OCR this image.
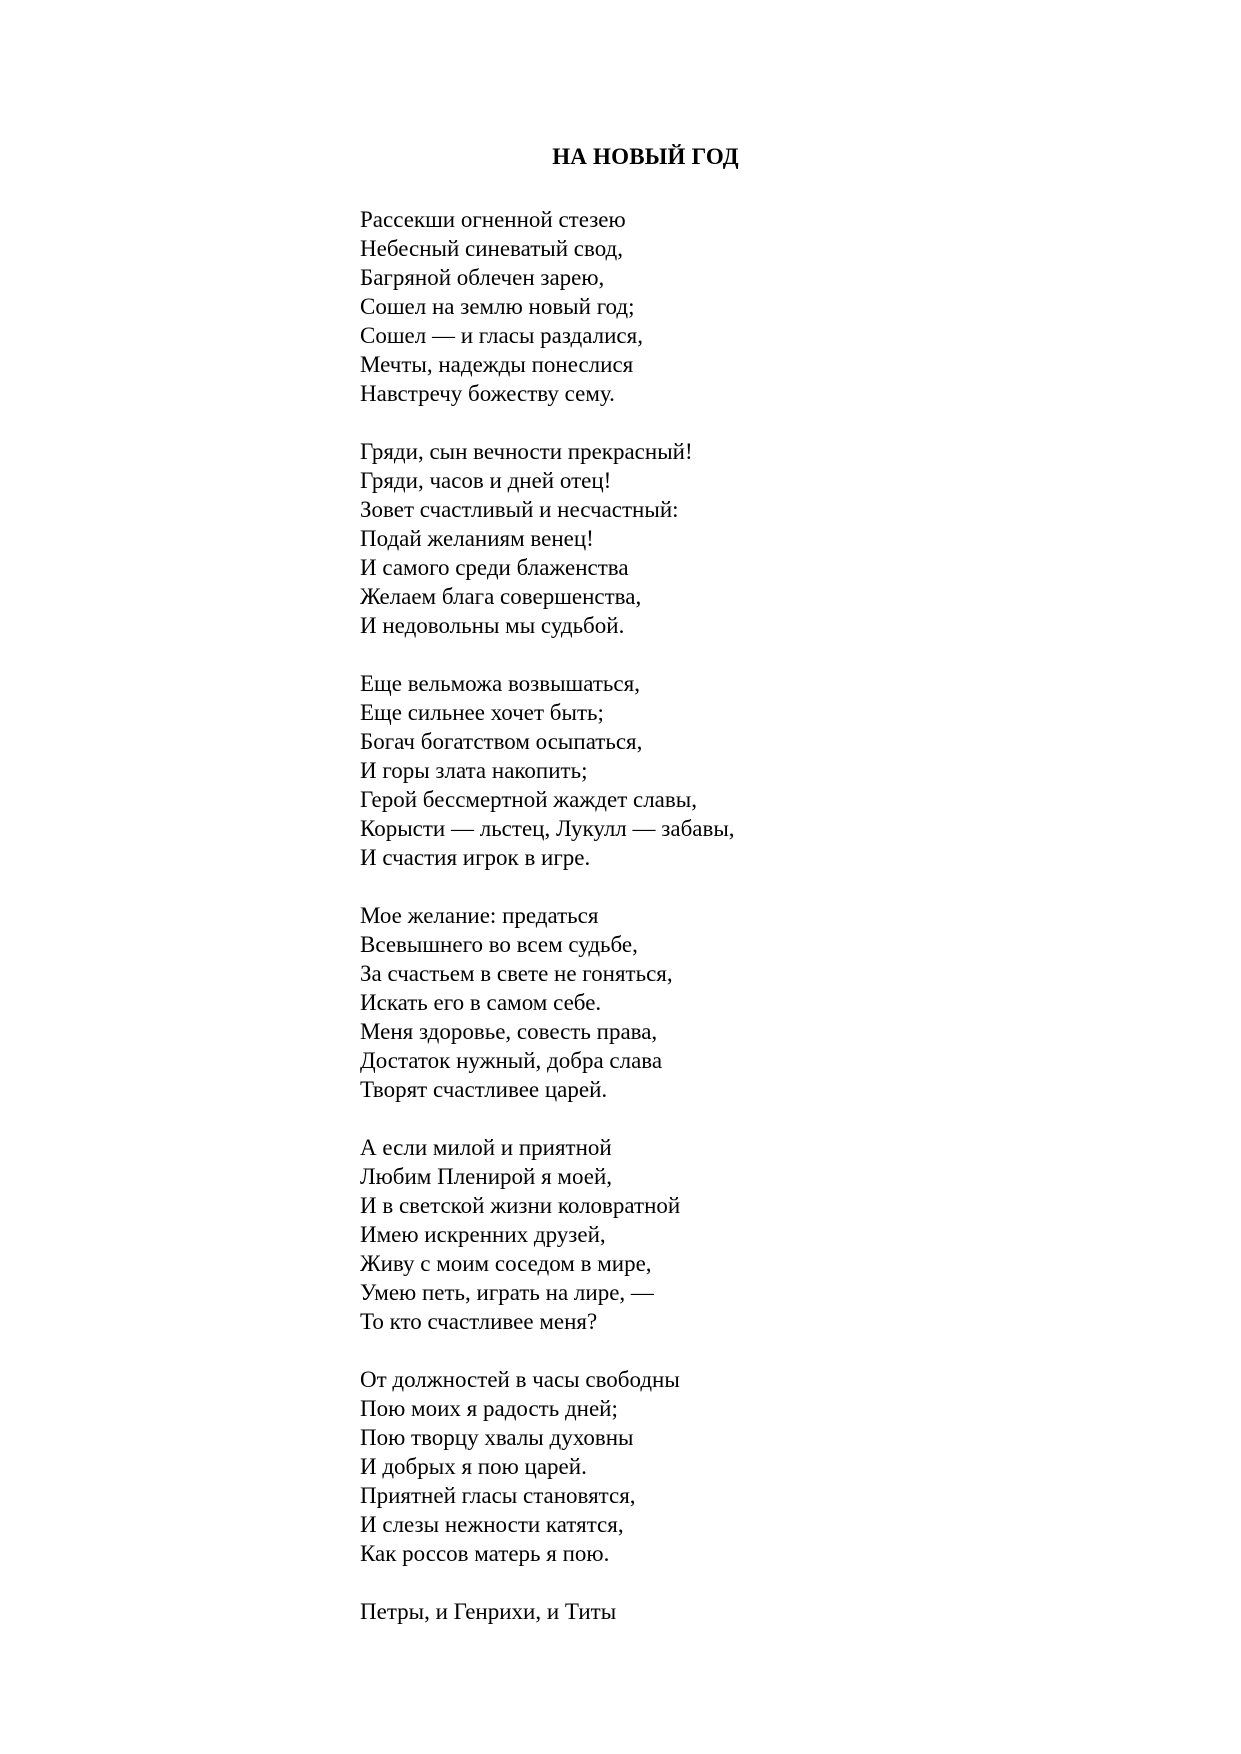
НА НОВЫЙ ГОД
Рассекши огненной стезею
Небесный синеватый свод,
Багряной облечен зарею,
Сошел на землю новый год;
Сошел — и гласы раздалися,
Мечты, надежды понеслися
Навстречу божеству сему.
Гряди, сын вечности прекрасный!
Гряди, часов и дней отец!
Зовет счастливый и несчастный:
Подай желаниям венец!
И самого среди блаженства
Желаем блага совершенства,
И недовольны мы судьбой.
Еще вельможа возвышаться,
Еще сильнее хочет быть;
Богач богатством осыпаться,
И горы злата накопить;
Герой бессмертной жаждет славы,
Корысти — льстец, Лукулл — забавы,
И счастия игрок в игре.
Мое желание: предаться
Всевышнего во всем судьбе,
За счастьем в свете не гоняться,
Искать его в самом себе.
Меня здоровье, совесть права,
Достаток нужный, добра слава
Творят счастливее царей.
А если милой и приятной
Любим Пленирой я моей,
И в светской жизни коловратной
Имею искренних друзей,
Живу с моим соседом в мире,
Умею петь, играть на лире, —
То кто счастливее меня?
От должностей в часы свободны
Пою моих я радость дней;
Пою творцу хвалы духовны
И добрых я пою царей.
Приятней гласы становятся,
И слезы нежности катятся,
Как россов матерь я пою.
Петры, и Генрихи, и Титы
